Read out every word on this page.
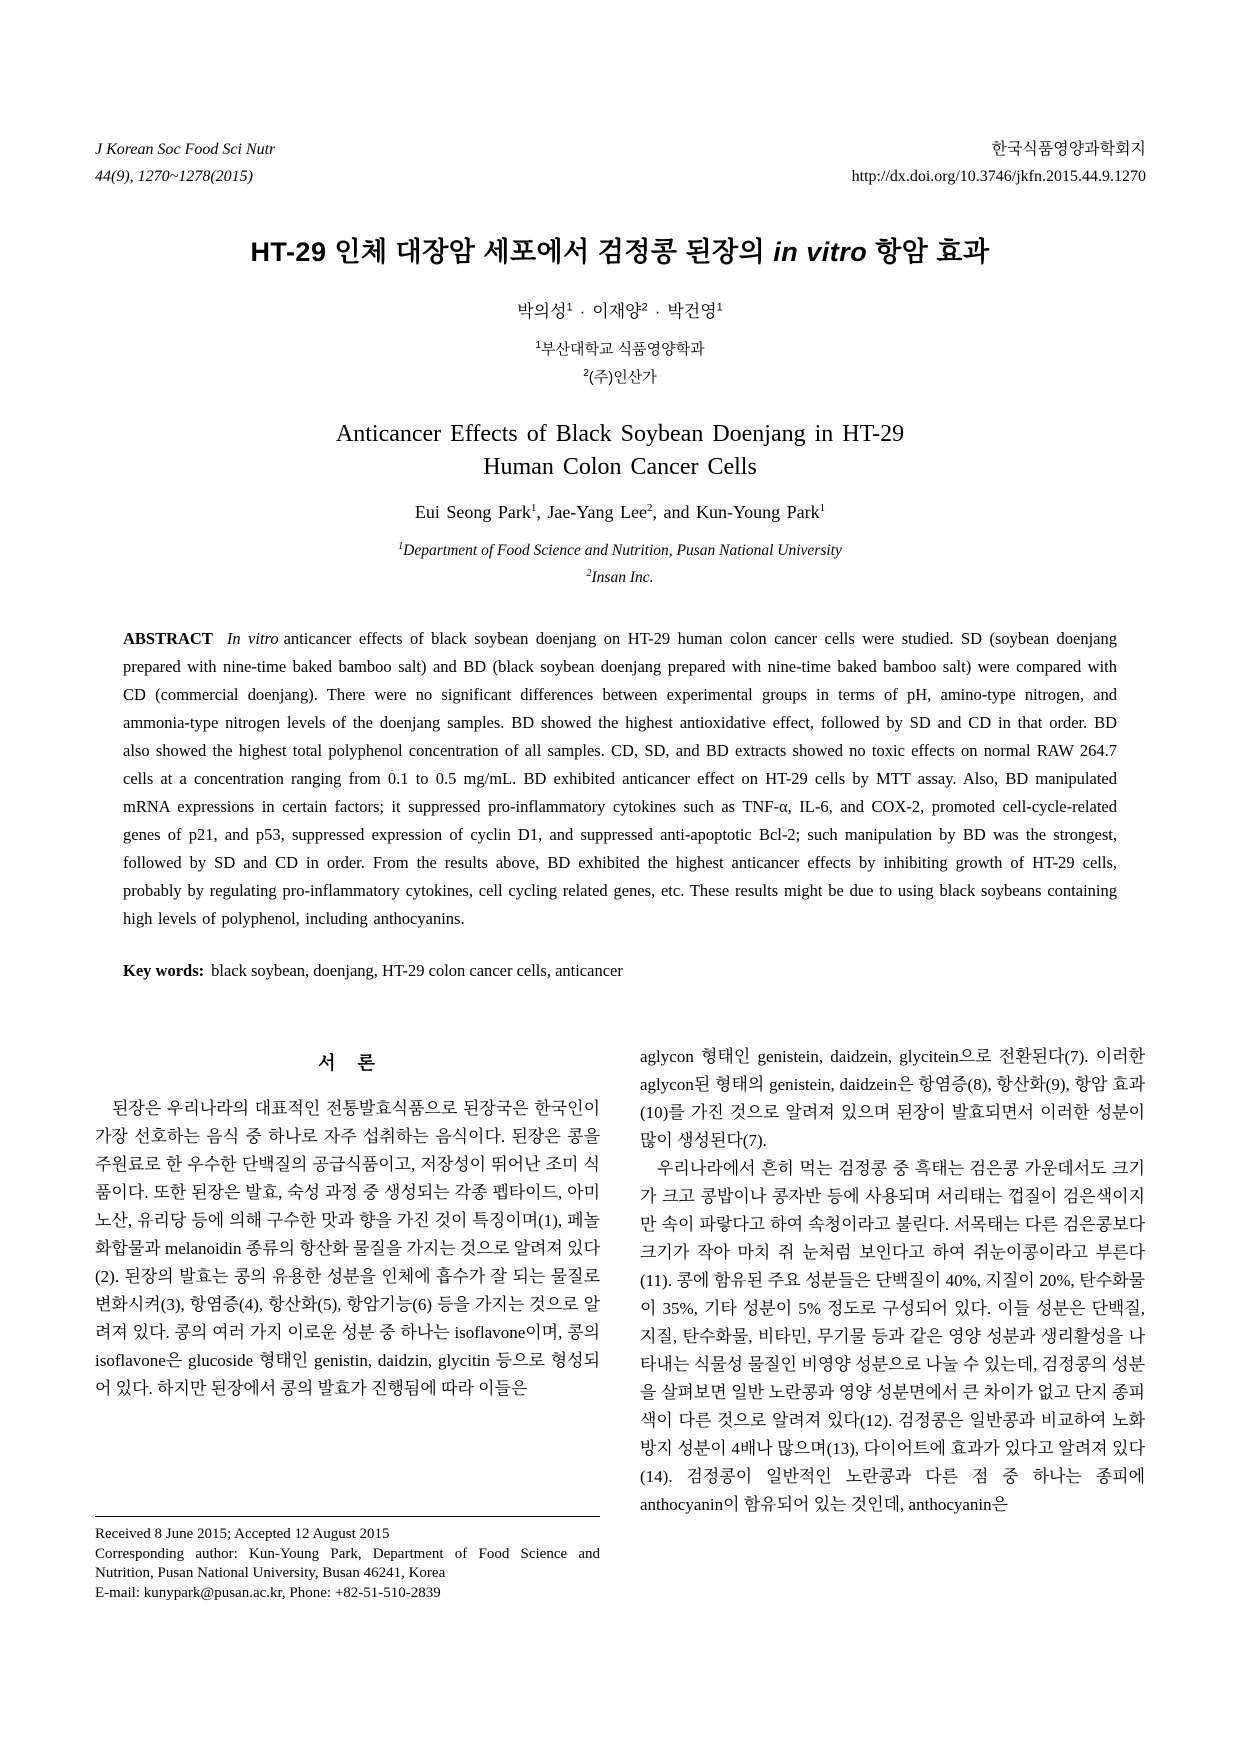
J Korean Soc Food Sci Nutr
44(9), 1270~1278(2015)
한국식품영양과학회지
http://dx.doi.org/10.3746/jkfn.2015.44.9.1270
HT-29 인체 대장암 세포에서 검정콩 된장의 in vitro 항암 효과
박의성$^1$ · 이재양$^2$ · 박건영$^1$
$^1$부산대학교 식품영양학과
$^2$(주)인산가
Anticancer Effects of Black Soybean Doenjang in HT-29
Human Colon Cancer Cells
Eui Seong Park$^1$, Jae-Yang Lee$^2$, and Kun-Young Park$^1$
$^1$Department of Food Science and Nutrition, Pusan National University
$^2$Insan Inc.

ABSTRACT In vitro anticancer effects of black soybean doenjang on HT-29 human colon cancer cells were studied. SD (soybean doenjang prepared with nine-time baked bamboo salt) and BD (black soybean doenjang prepared with nine-time baked bamboo salt) were compared with CD (commercial doenjang). There were no significant differences between experimental groups in terms of pH, amino-type nitrogen, and ammonia-type nitrogen levels of the doenjang samples. BD showed the highest antioxidative effect, followed by SD and CD in that order. BD also showed the highest total polyphenol concentration of all samples. CD, SD, and BD extracts showed no toxic effects on normal RAW 264.7 cells at a concentration ranging from 0.1 to 0.5 mg/mL. BD exhibited anticancer effect on HT-29 cells by MTT assay. Also, BD manipulated mRNA expressions in certain factors; it suppressed pro-inflammatory cytokines such as TNF-α, IL-6, and COX-2, promoted cell-cycle-related genes of p21, and p53, suppressed expression of cyclin D1, and suppressed anti-apoptotic Bcl-2; such manipulation by BD was the strongest, followed by SD and CD in order. From the results above, BD exhibited the highest anticancer effects by inhibiting growth of HT-29 cells, probably by regulating pro-inflammatory cytokines, cell cycling related genes, etc. These results might be due to using black soybeans containing high levels of polyphenol, including anthocyanins.

Key words: black soybean, doenjang, HT-29 colon cancer cells, anticancer

서　론

된장은 우리나라의 대표적인 전통발효식품으로 된장국은 한국인이 가장 선호하는 음식 중 하나로 자주 섭취하는 음식이다. 된장은 콩을 주원료로 한 우수한 단백질의 공급식품이고, 저장성이 뛰어난 조미 식품이다. 또한 된장은 발효, 숙성 과정 중 생성되는 각종 펩타이드, 아미노산, 유리당 등에 의해 구수한 맛과 향을 가진 것이 특징이며(1), 페놀화합물과 melanoidin 종류의 항산화 물질을 가지는 것으로 알려져 있다(2). 된장의 발효는 콩의 유용한 성분을 인체에 흡수가 잘 되는 물질로 변화시켜(3), 항염증(4), 항산화(5), 항암기능(6) 등을 가지는 것으로 알려져 있다. 콩의 여러 가지 이로운 성분 중 하나는 isoflavone이며, 콩의 isoflavone은 glucoside 형태인 genistin, daidzin, glycitin 등으로 형성되어 있다. 하지만 된장에서 콩의 발효가 진행됨에 따라 이들은

Received 8 June 2015; Accepted 12 August 2015
Corresponding author: Kun-Young Park, Department of Food Science and Nutrition, Pusan National University, Busan 46241, Korea
E-mail: kunypark@pusan.ac.kr, Phone: +82-51-510-2839

aglycon 형태인 genistein, daidzein, glycitein으로 전환된다(7). 이러한 aglycon된 형태의 genistein, daidzein은 항염증(8), 항산화(9), 항암 효과(10)를 가진 것으로 알려져 있으며 된장이 발효되면서 이러한 성분이 많이 생성된다(7).

우리나라에서 흔히 먹는 검정콩 중 흑태는 검은콩 가운데서도 크기가 크고 콩밥이나 콩자반 등에 사용되며 서리태는 껍질이 검은색이지만 속이 파랗다고 하여 속청이라고 불린다. 서목태는 다른 검은콩보다 크기가 작아 마치 쥐 눈처럼 보인다고 하여 쥐눈이콩이라고 부른다(11). 콩에 함유된 주요 성분들은 단백질이 40%, 지질이 20%, 탄수화물이 35%, 기타 성분이 5% 정도로 구성되어 있다. 이들 성분은 단백질, 지질, 탄수화물, 비타민, 무기물 등과 같은 영양 성분과 생리활성을 나타내는 식물성 물질인 비영양 성분으로 나눌 수 있는데, 검정콩의 성분을 살펴보면 일반 노란콩과 영양 성분면에서 큰 차이가 없고 단지 종피색이 다른 것으로 알려져 있다(12). 검정콩은 일반콩과 비교하여 노화방지 성분이 4배나 많으며(13), 다이어트에 효과가 있다고 알려져 있다(14). 검정콩이 일반적인 노란콩과 다른 점 중 하나는 종피에 anthocyanin이 함유되어 있는 것인데, anthocyanin은
